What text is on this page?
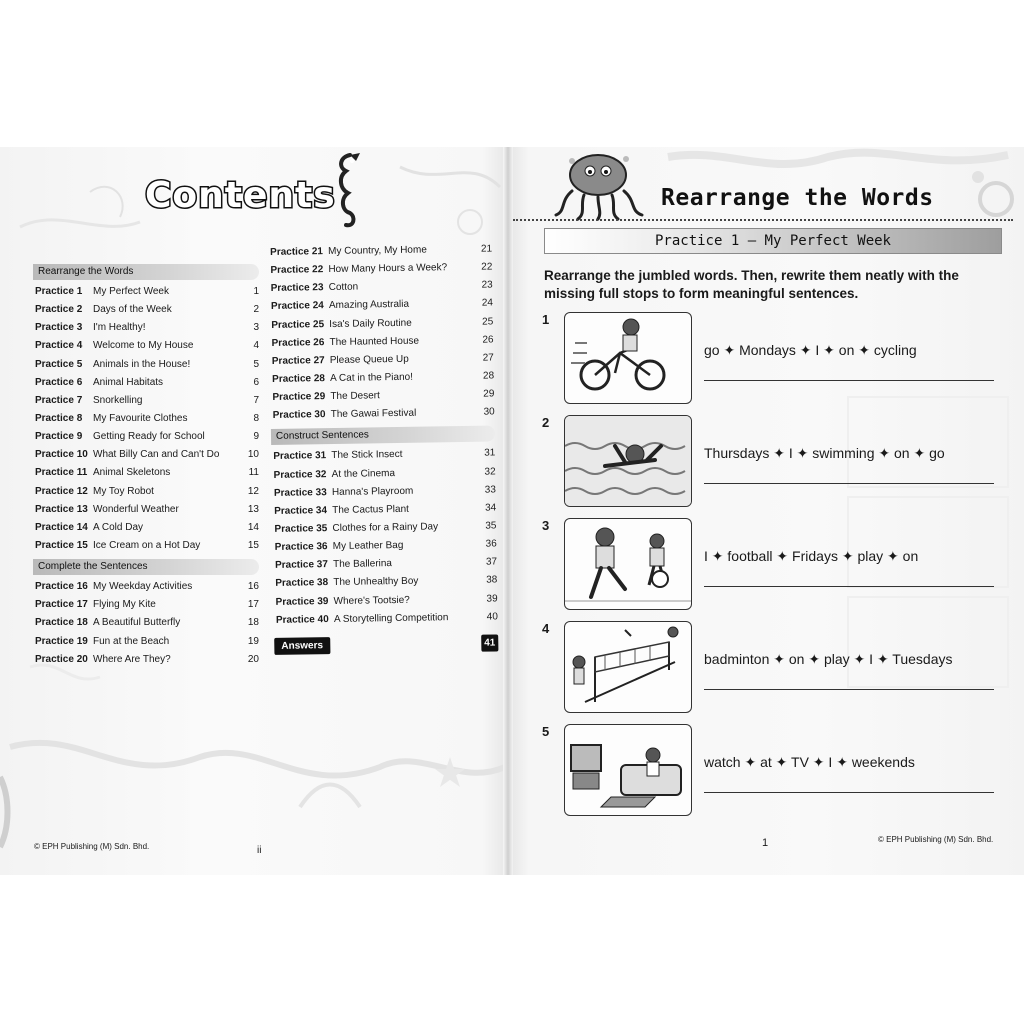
Contents
Rearrange the Words
Practice 1 My Perfect Week	1
Practice 2 Days of the Week	2
Practice 3 I'm Healthy!	3
Practice 4 Welcome to My House	4
Practice 5 Animals in the House!	5
Practice 6 Animal Habitats	6
Practice 7 Snorkelling	7
Practice 8 My Favourite Clothes	8
Practice 9 Getting Ready for School	9
Practice 10 What Billy Can and Can't Do	10
Practice 11 Animal Skeletons	11
Practice 12 My Toy Robot	12
Practice 13 Wonderful Weather	13
Practice 14 A Cold Day	14
Practice 15 Ice Cream on a Hot Day	15
Complete the Sentences
Practice 16 My Weekday Activities	16
Practice 17 Flying My Kite	17
Practice 18 A Beautiful Butterfly	18
Practice 19 Fun at the Beach	19
Practice 20 Where Are They?	20
Practice 21 My Country, My Home	21
Practice 22 How Many Hours a Week?	22
Practice 23 Cotton	23
Practice 24 Amazing Australia	24
Practice 25 Isa's Daily Routine	25
Practice 26 The Haunted House	26
Practice 27 Please Queue Up	27
Practice 28 A Cat in the Piano!	28
Practice 29 The Desert	29
Practice 30 The Gawai Festival	30
Construct Sentences
Practice 31 The Stick Insect	31
Practice 32 At the Cinema	32
Practice 33 Hanna's Playroom	33
Practice 34 The Cactus Plant	34
Practice 35 Clothes for a Rainy Day	35
Practice 36 My Leather Bag	36
Practice 37 The Ballerina	37
Practice 38 The Unhealthy Boy	38
Practice 39 Where's Tootsie?	39
Practice 40 A Storytelling Competition	40
Answers	41
© EPH Publishing (M) Sdn. Bhd.	ii
Rearrange the Words
Practice 1 – My Perfect Week
Rearrange the jumbled words. Then, rewrite them neatly with the missing full stops to form meaningful sentences.
1
go ✦ Mondays ✦ I ✦ on ✦ cycling
2
Thursdays ✦ I ✦ swimming ✦ on ✦ go
3
I ✦ football ✦ Fridays ✦ play ✦ on
4
badminton ✦ on ✦ play ✦ I ✦ Tuesdays
5
watch ✦ at ✦ TV ✦ I ✦ weekends
1	© EPH Publishing (M) Sdn. Bhd.
